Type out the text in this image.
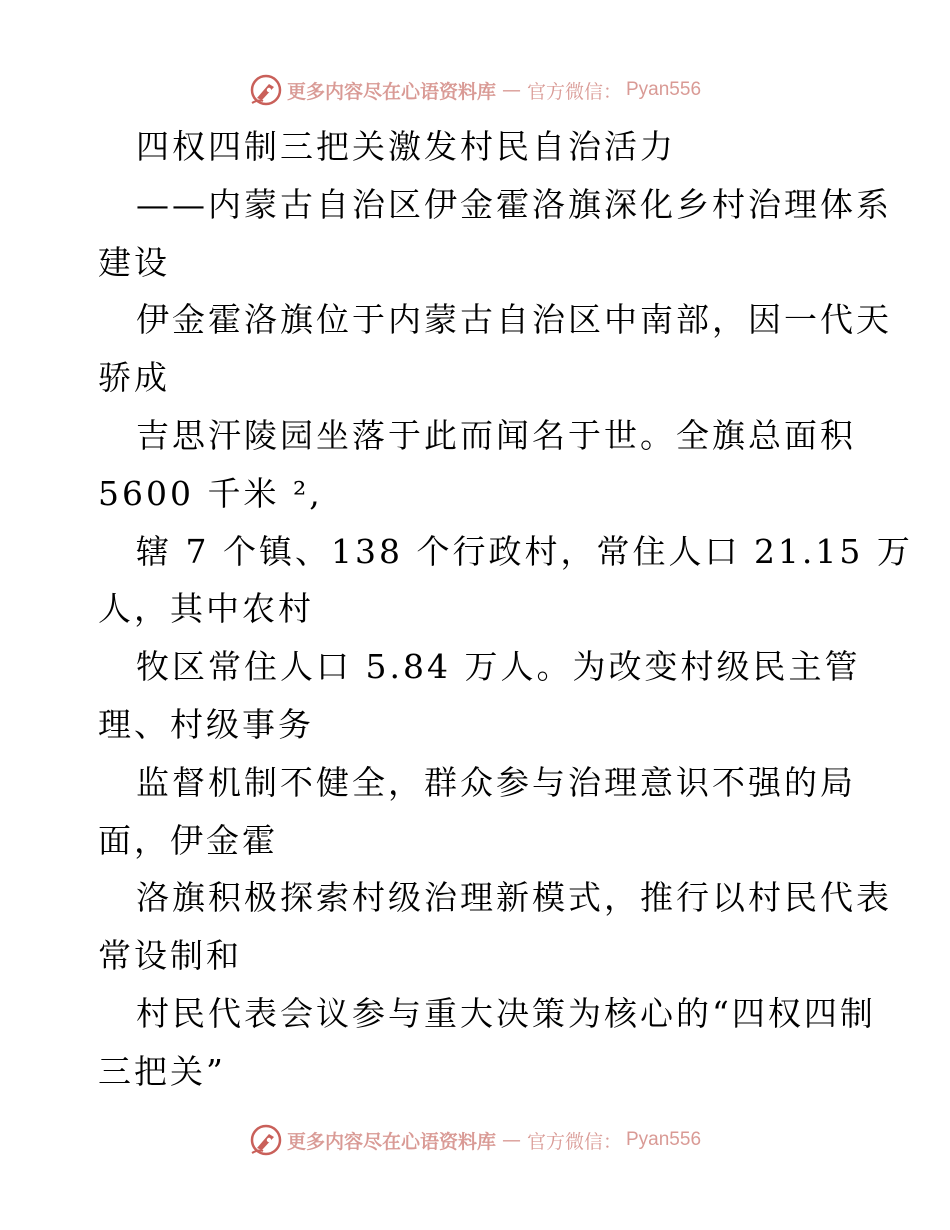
更多内容尽在心语资料库 — 官方微信： Pyan556
四权四制三把关激发村民自治活力
——内蒙古自治区伊金霍洛旗深化乡村治理体系
建设
伊金霍洛旗位于内蒙古自治区中南部，因一代天
骄成
吉思汗陵园坐落于此而闻名于世。全旗总面积
5600 千米 ²,
辖 7 个镇、138 个行政村，常住人口 21.15 万
人，其中农村
牧区常住人口 5.84 万人。为改变村级民主管
理、村级事务
监督机制不健全，群众参与治理意识不强的局
面，伊金霍
洛旗积极探索村级治理新模式，推行以村民代表
常设制和
村民代表会议参与重大决策为核心的“四权四制
三把关”
更多内容尽在心语资料库 — 官方微信： Pyan556
